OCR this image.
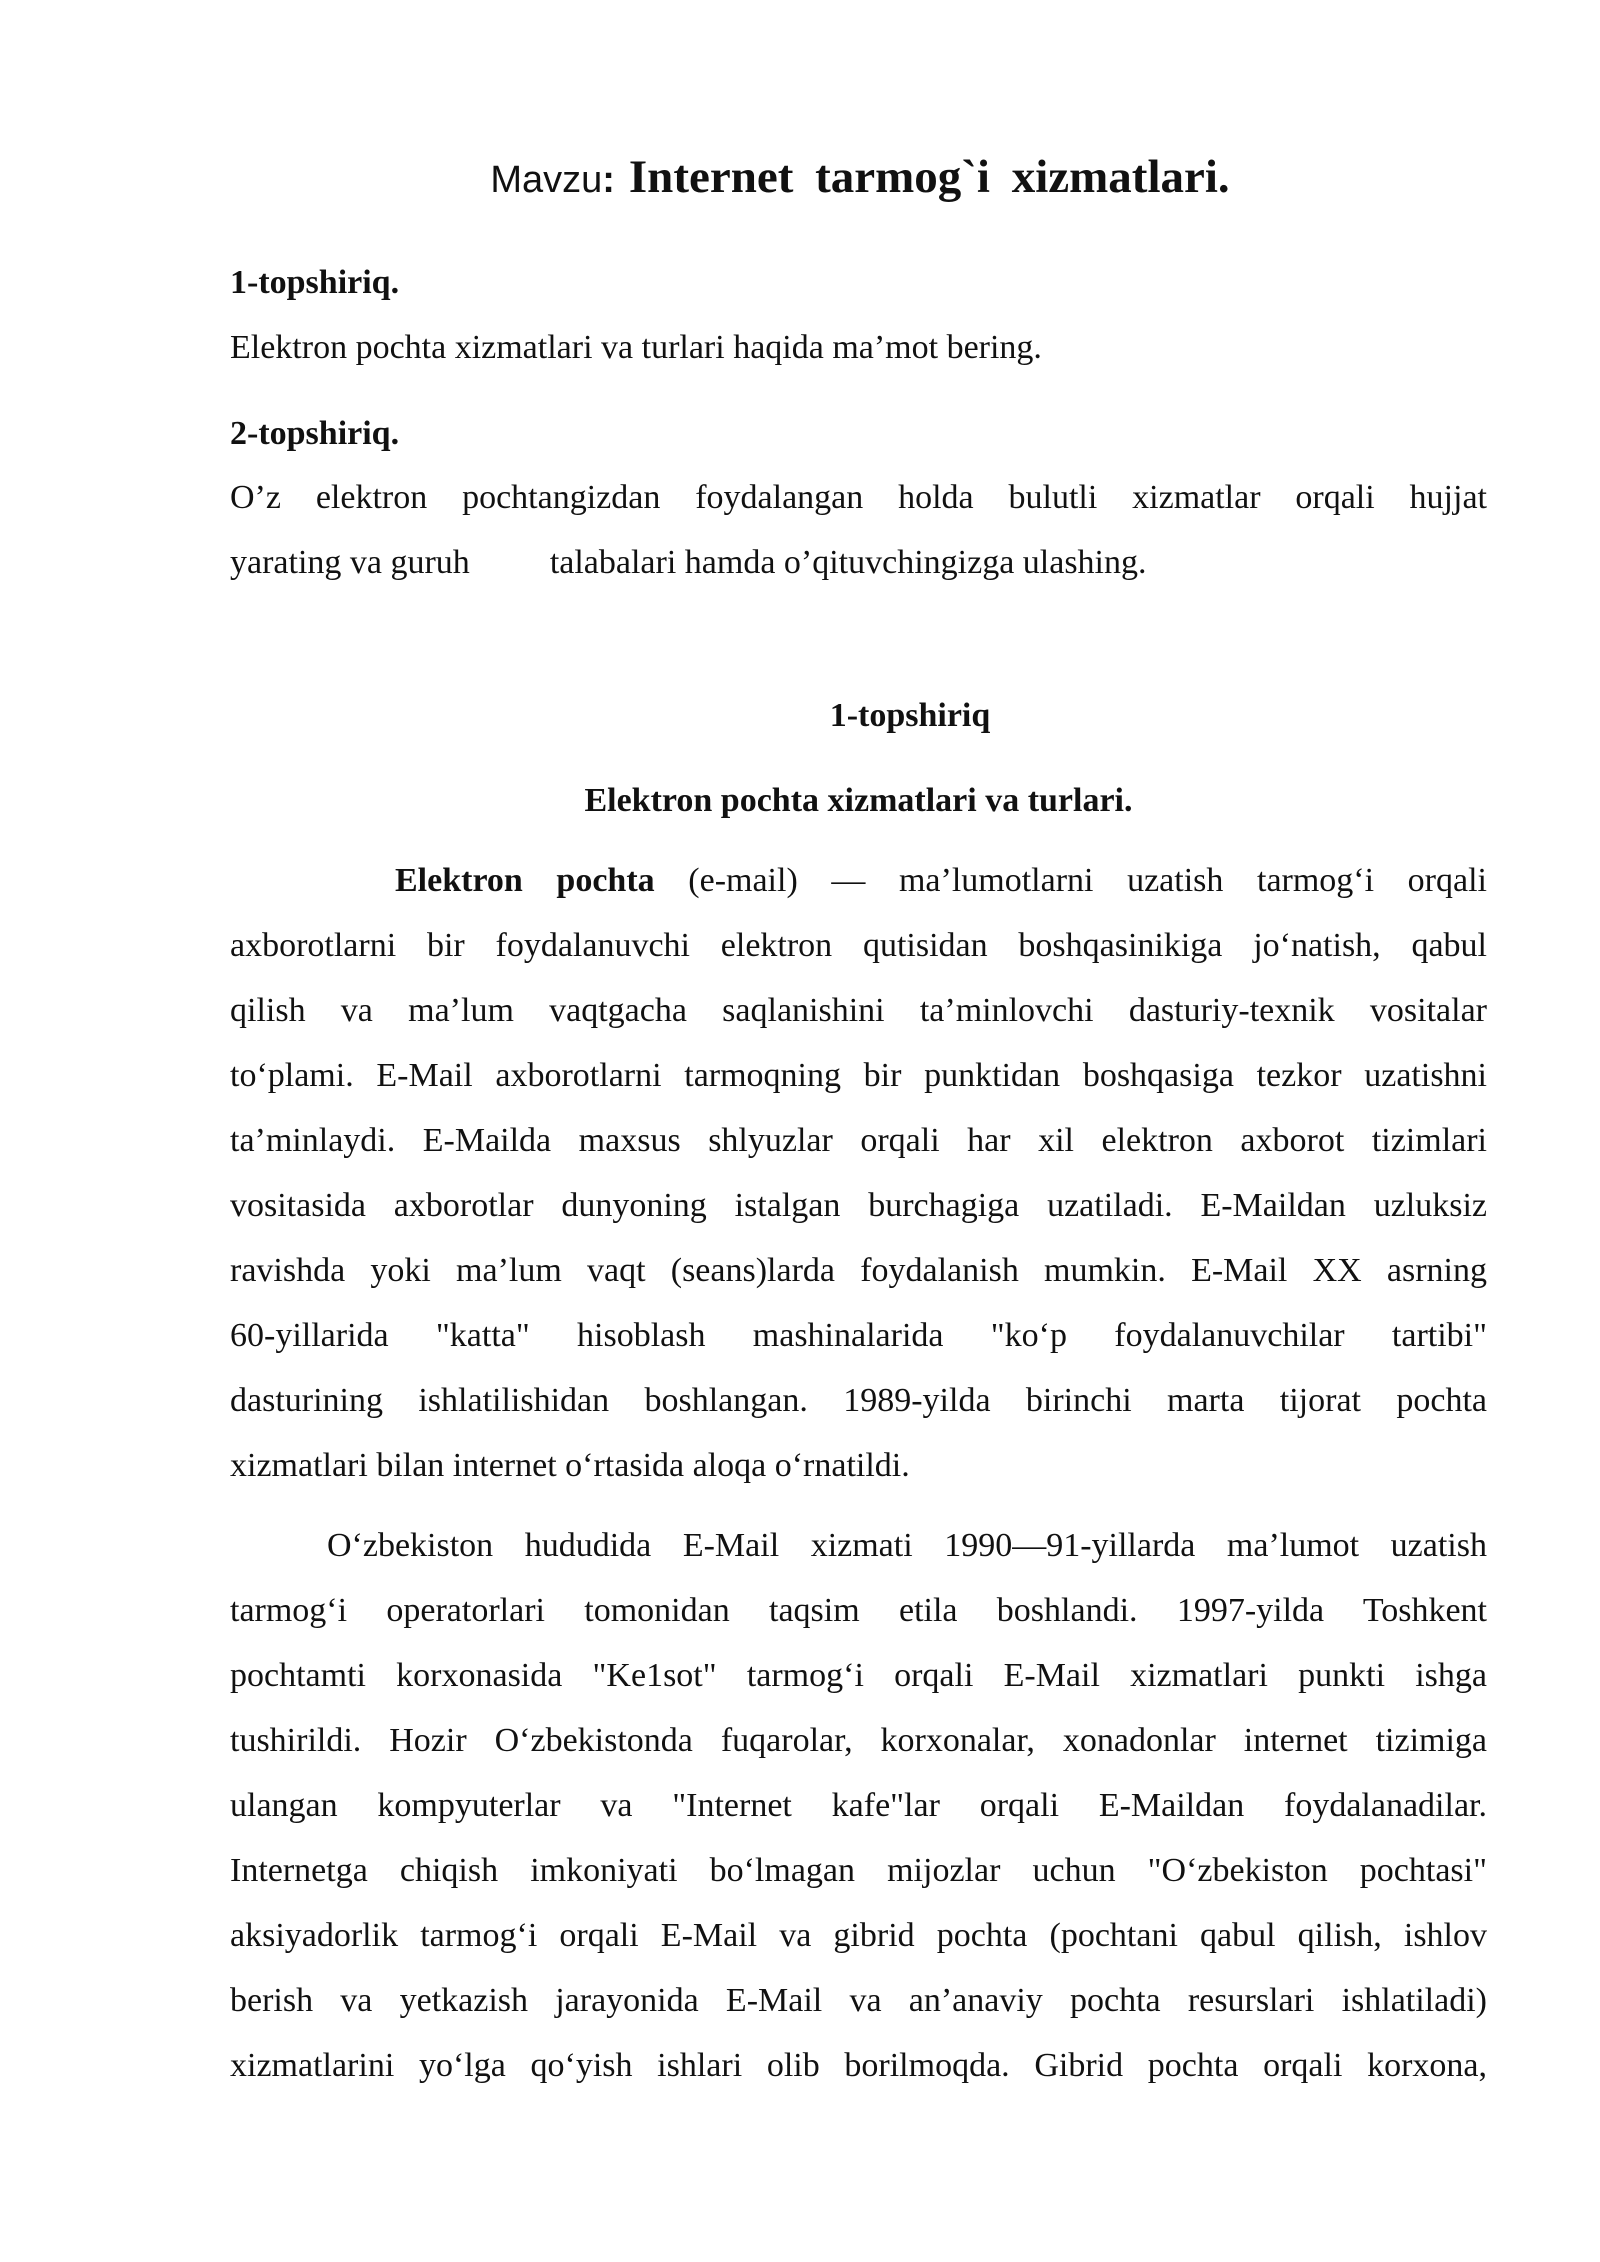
Mavzu: Internet tarmog`i xizmatlari.
1-topshiriq.
Elektron pochta xizmatlari va turlari haqida ma’mot bering.
2-topshiriq.
O’z elektron pochtangizdan foydalangan holda bulutli xizmatlar orqali hujjat
yarating va guruh talabalari hamda o’qituvchingizga ulashing.
1-topshiriq
Elektron pochta xizmatlari va turlari.
Elektron pochta (e-mail) — ma’lumotlarni uzatish tarmog‘i orqali
axborotlarni bir foydalanuvchi elektron qutisidan boshqasinikiga jo‘natish, qabul
qilish va ma’lum vaqtgacha saqlanishini ta’minlovchi dasturiy-texnik vositalar
to‘plami. E-Mail axborotlarni tarmoqning bir punktidan boshqasiga tezkor uzatishni
ta’minlaydi. E-Mailda maxsus shlyuzlar orqali har xil elektron axborot tizimlari
vositasida axborotlar dunyoning istalgan burchagiga uzatiladi. E-Maildan uzluksiz
ravishda yoki ma’lum vaqt (seans)larda foydalanish mumkin. E-Mail XX asrning
60-yillarida "katta" hisoblash mashinalarida "ko‘p foydalanuvchilar tartibi"
dasturining ishlatilishidan boshlangan. 1989-yilda birinchi marta tijorat pochta
xizmatlari bilan internet o‘rtasida aloqa o‘rnatildi.
O‘zbekiston hududida E-Mail xizmati 1990—91-yillarda ma’lumot uzatish
tarmog‘i operatorlari tomonidan taqsim etila boshlandi. 1997-yilda Toshkent
pochtamti korxonasida "Ke1sot" tarmog‘i orqali E-Mail xizmatlari punkti ishga
tushirildi. Hozir O‘zbekistonda fuqarolar, korxonalar, xonadonlar internet tizimiga
ulangan kompyuterlar va "Internet kafe"lar orqali E-Maildan foydalanadilar.
Internetga chiqish imkoniyati bo‘lmagan mijozlar uchun "O‘zbekiston pochtasi"
aksiyadorlik tarmog‘i orqali E-Mail va gibrid pochta (pochtani qabul qilish, ishlov
berish va yetkazish jarayonida E-Mail va an’anaviy pochta resurslari ishlatiladi)
xizmatlarini yo‘lga qo‘yish ishlari olib borilmoqda. Gibrid pochta orqali korxona,
